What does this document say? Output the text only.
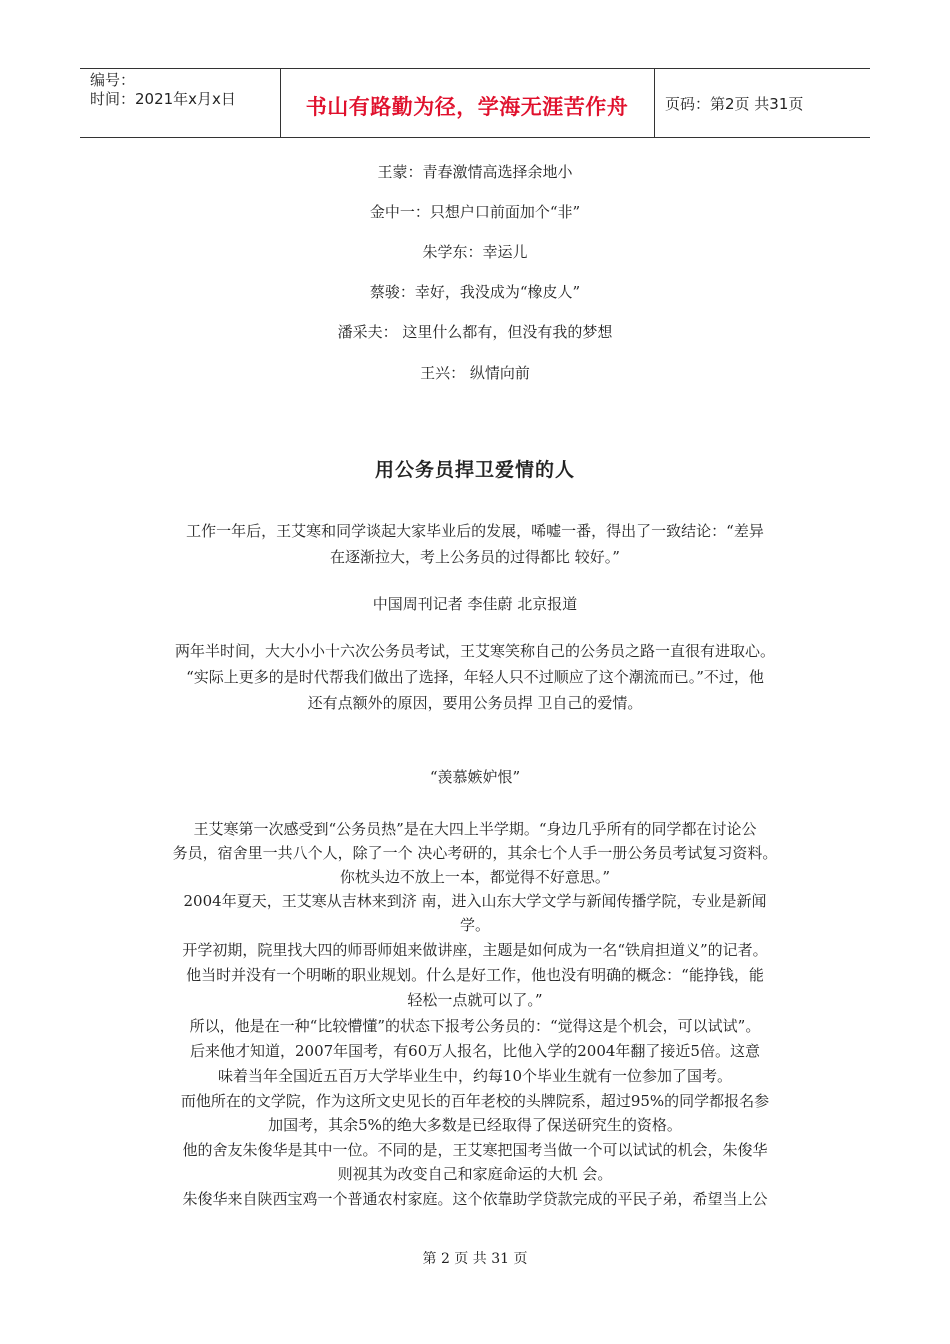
编号：
时间：2021年x月x日	书山有路勤为径，学海无涯苦作舟	页码：第2页 共31页
王蒙：青春激情高选择余地小
金中一：只想户口前面加个“非”
朱学东：幸运儿
蔡骏：幸好，我没成为“橡皮人”
潘采夫： 这里什么都有，但没有我的梦想
王兴： 纵情向前
用公务员捍卫爱情的人
工作一年后，王艾寒和同学谈起大家毕业后的发展，唏嘘一番，得出了一致结论：“差异
在逐渐拉大，考上公务员的过得都比 较好。”
中国周刊记者 李佳蔚 北京报道
两年半时间，大大小小十六次公务员考试，王艾寒笑称自己的公务员之路一直很有进取心。
“实际上更多的是时代帮我们做出了选择，年轻人只不过顺应了这个潮流而已。”不过，他
还有点额外的原因，要用公务员捍 卫自己的爱情。
“羡慕嫉妒恨”
王艾寒第一次感受到“公务员热”是在大四上半学期。“身边几乎所有的同学都在讨论公
务员，宿舍里一共八个人，除了一个 决心考研的，其余七个人手一册公务员考试复习资料。
你枕头边不放上一本，都觉得不好意思。”
2004年夏天，王艾寒从吉林来到济 南，进入山东大学文学与新闻传播学院，专业是新闻
学。
开学初期，院里找大四的师哥师姐来做讲座，主题是如何成为一名“铁肩担道义”的记者。
他当时并没有一个明晰的职业规划。什么是好工作，他也没有明确的概念：“能挣钱，能
轻松一点就可以了。”
所以，他是在一种“比较懵懂”的状态下报考公务员的：“觉得这是个机会，可以试试”。
后来他才知道，2007年国考，有60万人报名，比他入学的2004年翻了接近5倍。这意
味着当年全国近五百万大学毕业生中，约每10个毕业生就有一位参加了国考。
而他所在的文学院，作为这所文史见长的百年老校的头牌院系，超过95%的同学都报名参
加国考，其余5%的绝大多数是已经取得了保送研究生的资格。
他的舍友朱俊华是其中一位。不同的是，王艾寒把国考当做一个可以试试的机会，朱俊华
则视其为改变自己和家庭命运的大机 会。
朱俊华来自陕西宝鸡一个普通农村家庭。这个依靠助学贷款完成的平民子弟，希望当上公
第 2 页 共 31 页
